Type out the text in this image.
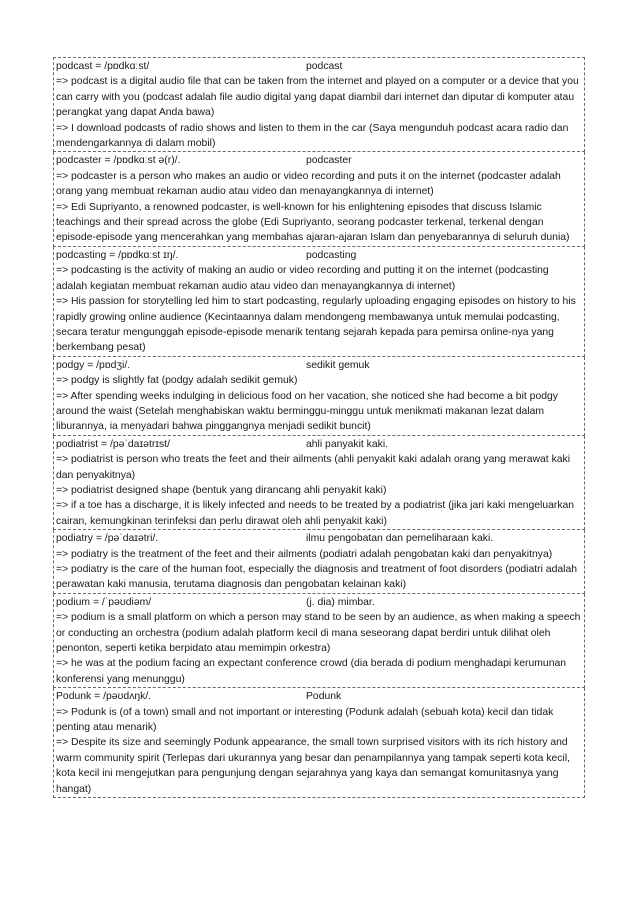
podcast = /pɒdkɑːst/	podcast
=> podcast is a digital audio file that can be taken from the internet and played on a computer or a device that you can carry with you (podcast adalah file audio digital yang dapat diambil dari internet dan diputar di komputer atau perangkat yang dapat Anda bawa)
=> I download podcasts of radio shows and listen to them in the car (Saya mengunduh podcast acara radio dan mendengarkannya di dalam mobil)
podcaster = /pɒdkɑːst ə(r)/.	podcaster
=> podcaster is a person who makes an audio or video recording and puts it on the internet (podcaster adalah orang yang membuat rekaman audio atau video dan menayangkannya di internet)
=> Edi Supriyanto, a renowned podcaster, is well-known for his enlightening episodes that discuss Islamic teachings and their spread across the globe (Edi Supriyanto, seorang podcaster terkenal, terkenal dengan episode-episode yang mencerahkan yang membahas ajaran-ajaran Islam dan penyebarannya di seluruh dunia)
podcasting = /pɒdkɑːst ɪŋ/.	podcasting
=> podcasting is the activity of making an audio or video recording and putting it on the internet (podcasting adalah kegiatan membuat rekaman audio atau video dan menayangkannya di internet)
=> His passion for storytelling led him to start podcasting, regularly uploading engaging episodes on history to his rapidly growing online audience (Kecintaannya dalam mendongeng membawanya untuk memulai podcasting, secara teratur mengunggah episode-episode menarik tentang sejarah kepada para pemirsa online-nya yang berkembang pesat)
podgy = /pɒdʒi/.	sedikit gemuk
=> podgy is slightly fat (podgy adalah sedikit gemuk)
=> After spending weeks indulging in delicious food on her vacation, she noticed she had become a bit podgy around the waist (Setelah menghabiskan waktu berminggu-minggu untuk menikmati makanan lezat dalam liburannya, ia menyadari bahwa pinggangnya menjadi sedikit buncit)
podiatrist = /pəˈdaɪətrɪst/	ahli panyakit kaki.
=> podiatrist is person who treats the feet and their ailments (ahli penyakit kaki adalah orang yang merawat kaki dan penyakitnya)
=> podiatrist designed shape (bentuk yang dirancang ahli penyakit kaki)
=> if a toe has a discharge, it is likely infected and needs to be treated by a podiatrist (jika jari kaki mengeluarkan cairan, kemungkinan terinfeksi dan perlu dirawat oleh ahli penyakit kaki)
podiatry = /pəˈdaɪətri/.	ilmu pengobatan dan pemeliharaan kaki.
=> podiatry is the treatment of the feet and their ailments (podiatri adalah pengobatan kaki dan penyakitnya)
=> podiatry is the care of the human foot, especially the diagnosis and treatment of foot disorders (podiatri adalah perawatan kaki manusia, terutama diagnosis dan pengobatan kelainan kaki)
podium = /ˈpəʊdiəm/	(j. dia) mimbar.
=> podium is a small platform on which a person may stand to be seen by an audience, as when making a speech or conducting an orchestra (podium adalah platform kecil di mana seseorang dapat berdiri untuk dilihat oleh penonton, seperti ketika berpidato atau memimpin orkestra)
=> he was at the podium facing an expectant conference crowd (dia berada di podium menghadapi kerumunan konferensi yang menunggu)
Podunk = /pəʊdʌŋk/.	Podunk
=> Podunk is (of a town) small and not important or interesting (Podunk adalah (sebuah kota) kecil dan tidak penting atau menarik)
=> Despite its size and seemingly Podunk appearance, the small town surprised visitors with its rich history and warm community spirit (Terlepas dari ukurannya yang besar dan penampilannya yang tampak seperti kota kecil, kota kecil ini mengejutkan para pengunjung dengan sejarahnya yang kaya dan semangat komunitasnya yang hangat)
